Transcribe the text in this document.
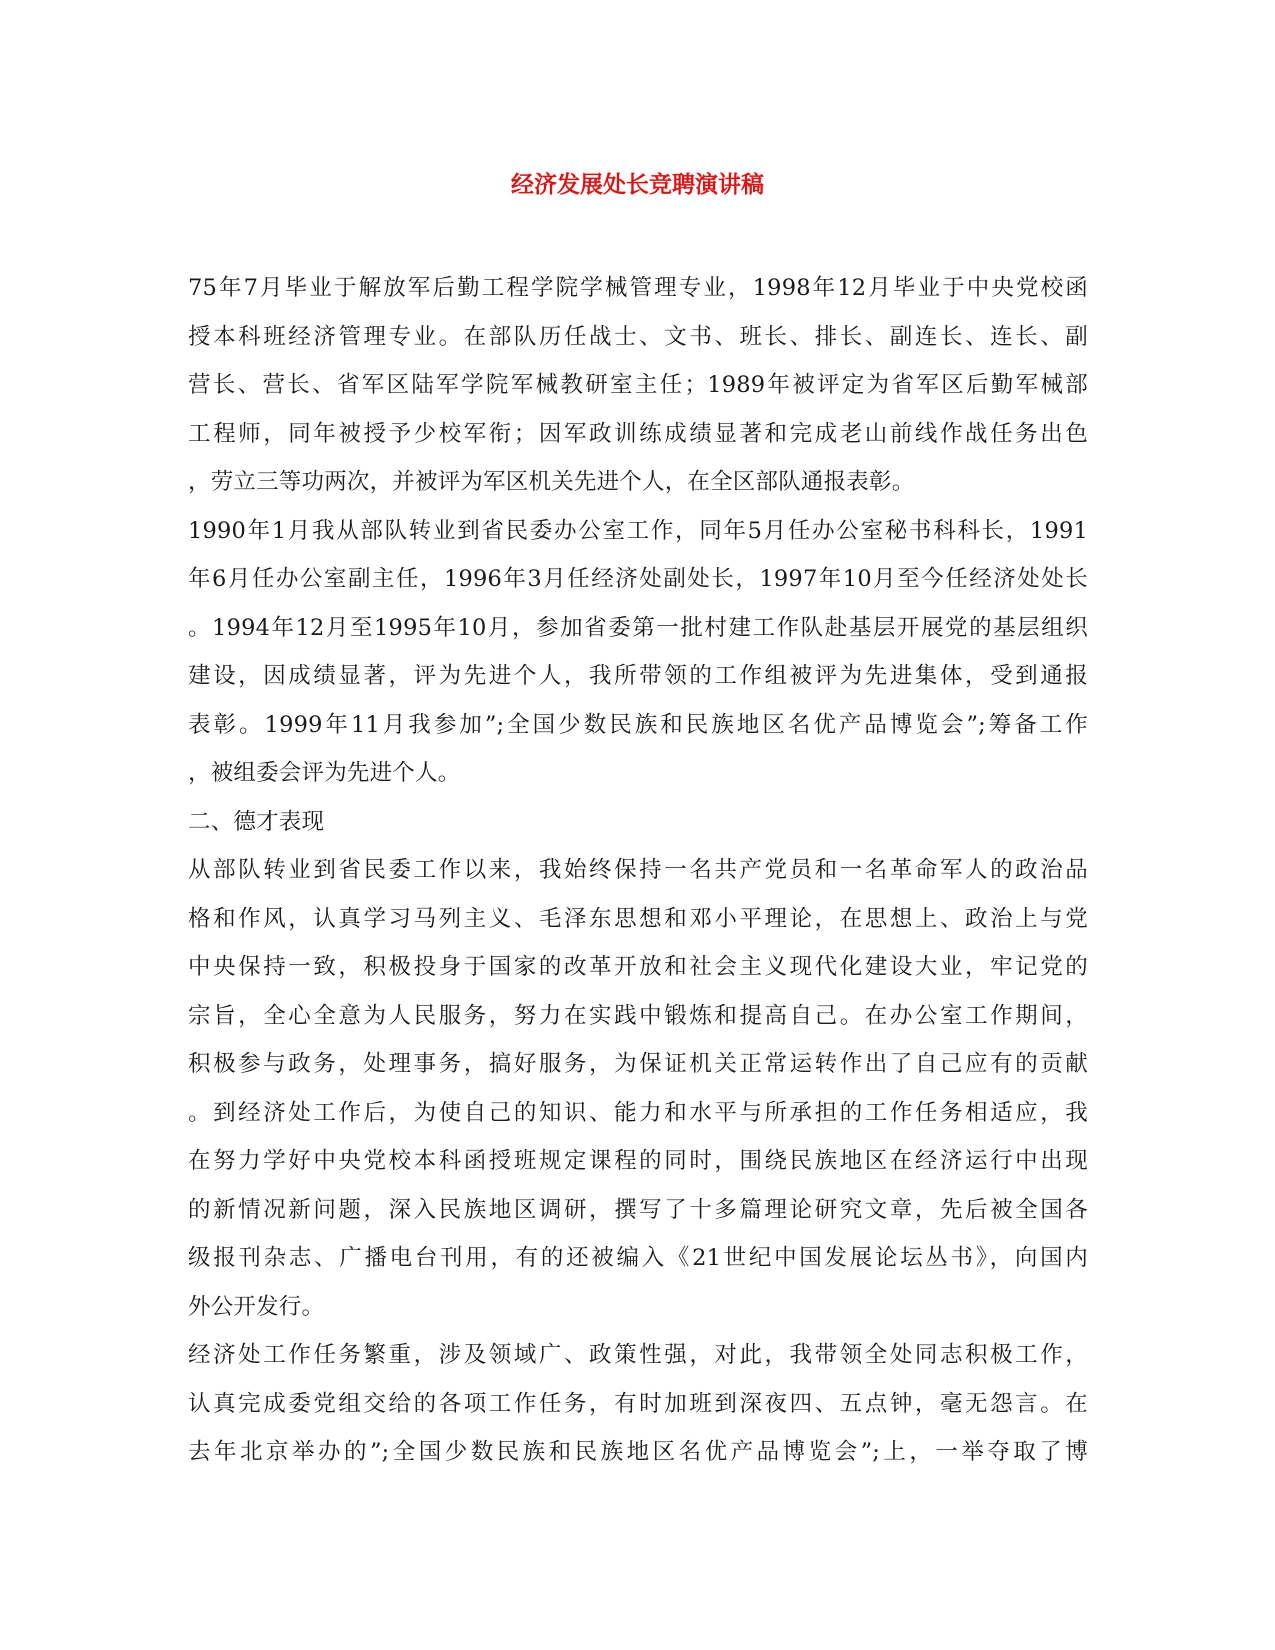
经济发展处长竞聘演讲稿
75年7月毕业于解放军后勤工程学院学械管理专业，1998年12月毕业于中央党校函
授本科班经济管理专业。在部队历任战士、文书、班长、排长、副连长、连长、副
营长、营长、省军区陆军学院军械教研室主任；1989年被评定为省军区后勤军械部
工程师，同年被授予少校军衔；因军政训练成绩显著和完成老山前线作战任务出色
，劳立三等功两次，并被评为军区机关先进个人，在全区部队通报表彰。
1990年1月我从部队转业到省民委办公室工作，同年5月任办公室秘书科科长，1991
年6月任办公室副主任，1996年3月任经济处副处长，1997年10月至今任经济处处长
。1994年12月至1995年10月，参加省委第一批村建工作队赴基层开展党的基层组织
建设，因成绩显著，评为先进个人，我所带领的工作组被评为先进集体，受到通报
表彰。1999年11月我参加”;全国少数民族和民族地区名优产品博览会”;筹备工作
，被组委会评为先进个人。
二、德才表现
从部队转业到省民委工作以来，我始终保持一名共产党员和一名革命军人的政治品
格和作风，认真学习马列主义、毛泽东思想和邓小平理论，在思想上、政治上与党
中央保持一致，积极投身于国家的改革开放和社会主义现代化建设大业，牢记党的
宗旨，全心全意为人民服务，努力在实践中锻炼和提高自己。在办公室工作期间，
积极参与政务，处理事务，搞好服务，为保证机关正常运转作出了自己应有的贡献
。到经济处工作后，为使自己的知识、能力和水平与所承担的工作任务相适应，我
在努力学好中央党校本科函授班规定课程的同时，围绕民族地区在经济运行中出现
的新情况新问题，深入民族地区调研，撰写了十多篇理论研究文章，先后被全国各
级报刊杂志、广播电台刊用，有的还被编入《21世纪中国发展论坛丛书》，向国内
外公开发行。
经济处工作任务繁重，涉及领域广、政策性强，对此，我带领全处同志积极工作，
认真完成委党组交给的各项工作任务，有时加班到深夜四、五点钟，毫无怨言。在
去年北京举办的”;全国少数民族和民族地区名优产品博览会”;上，一举夺取了博
